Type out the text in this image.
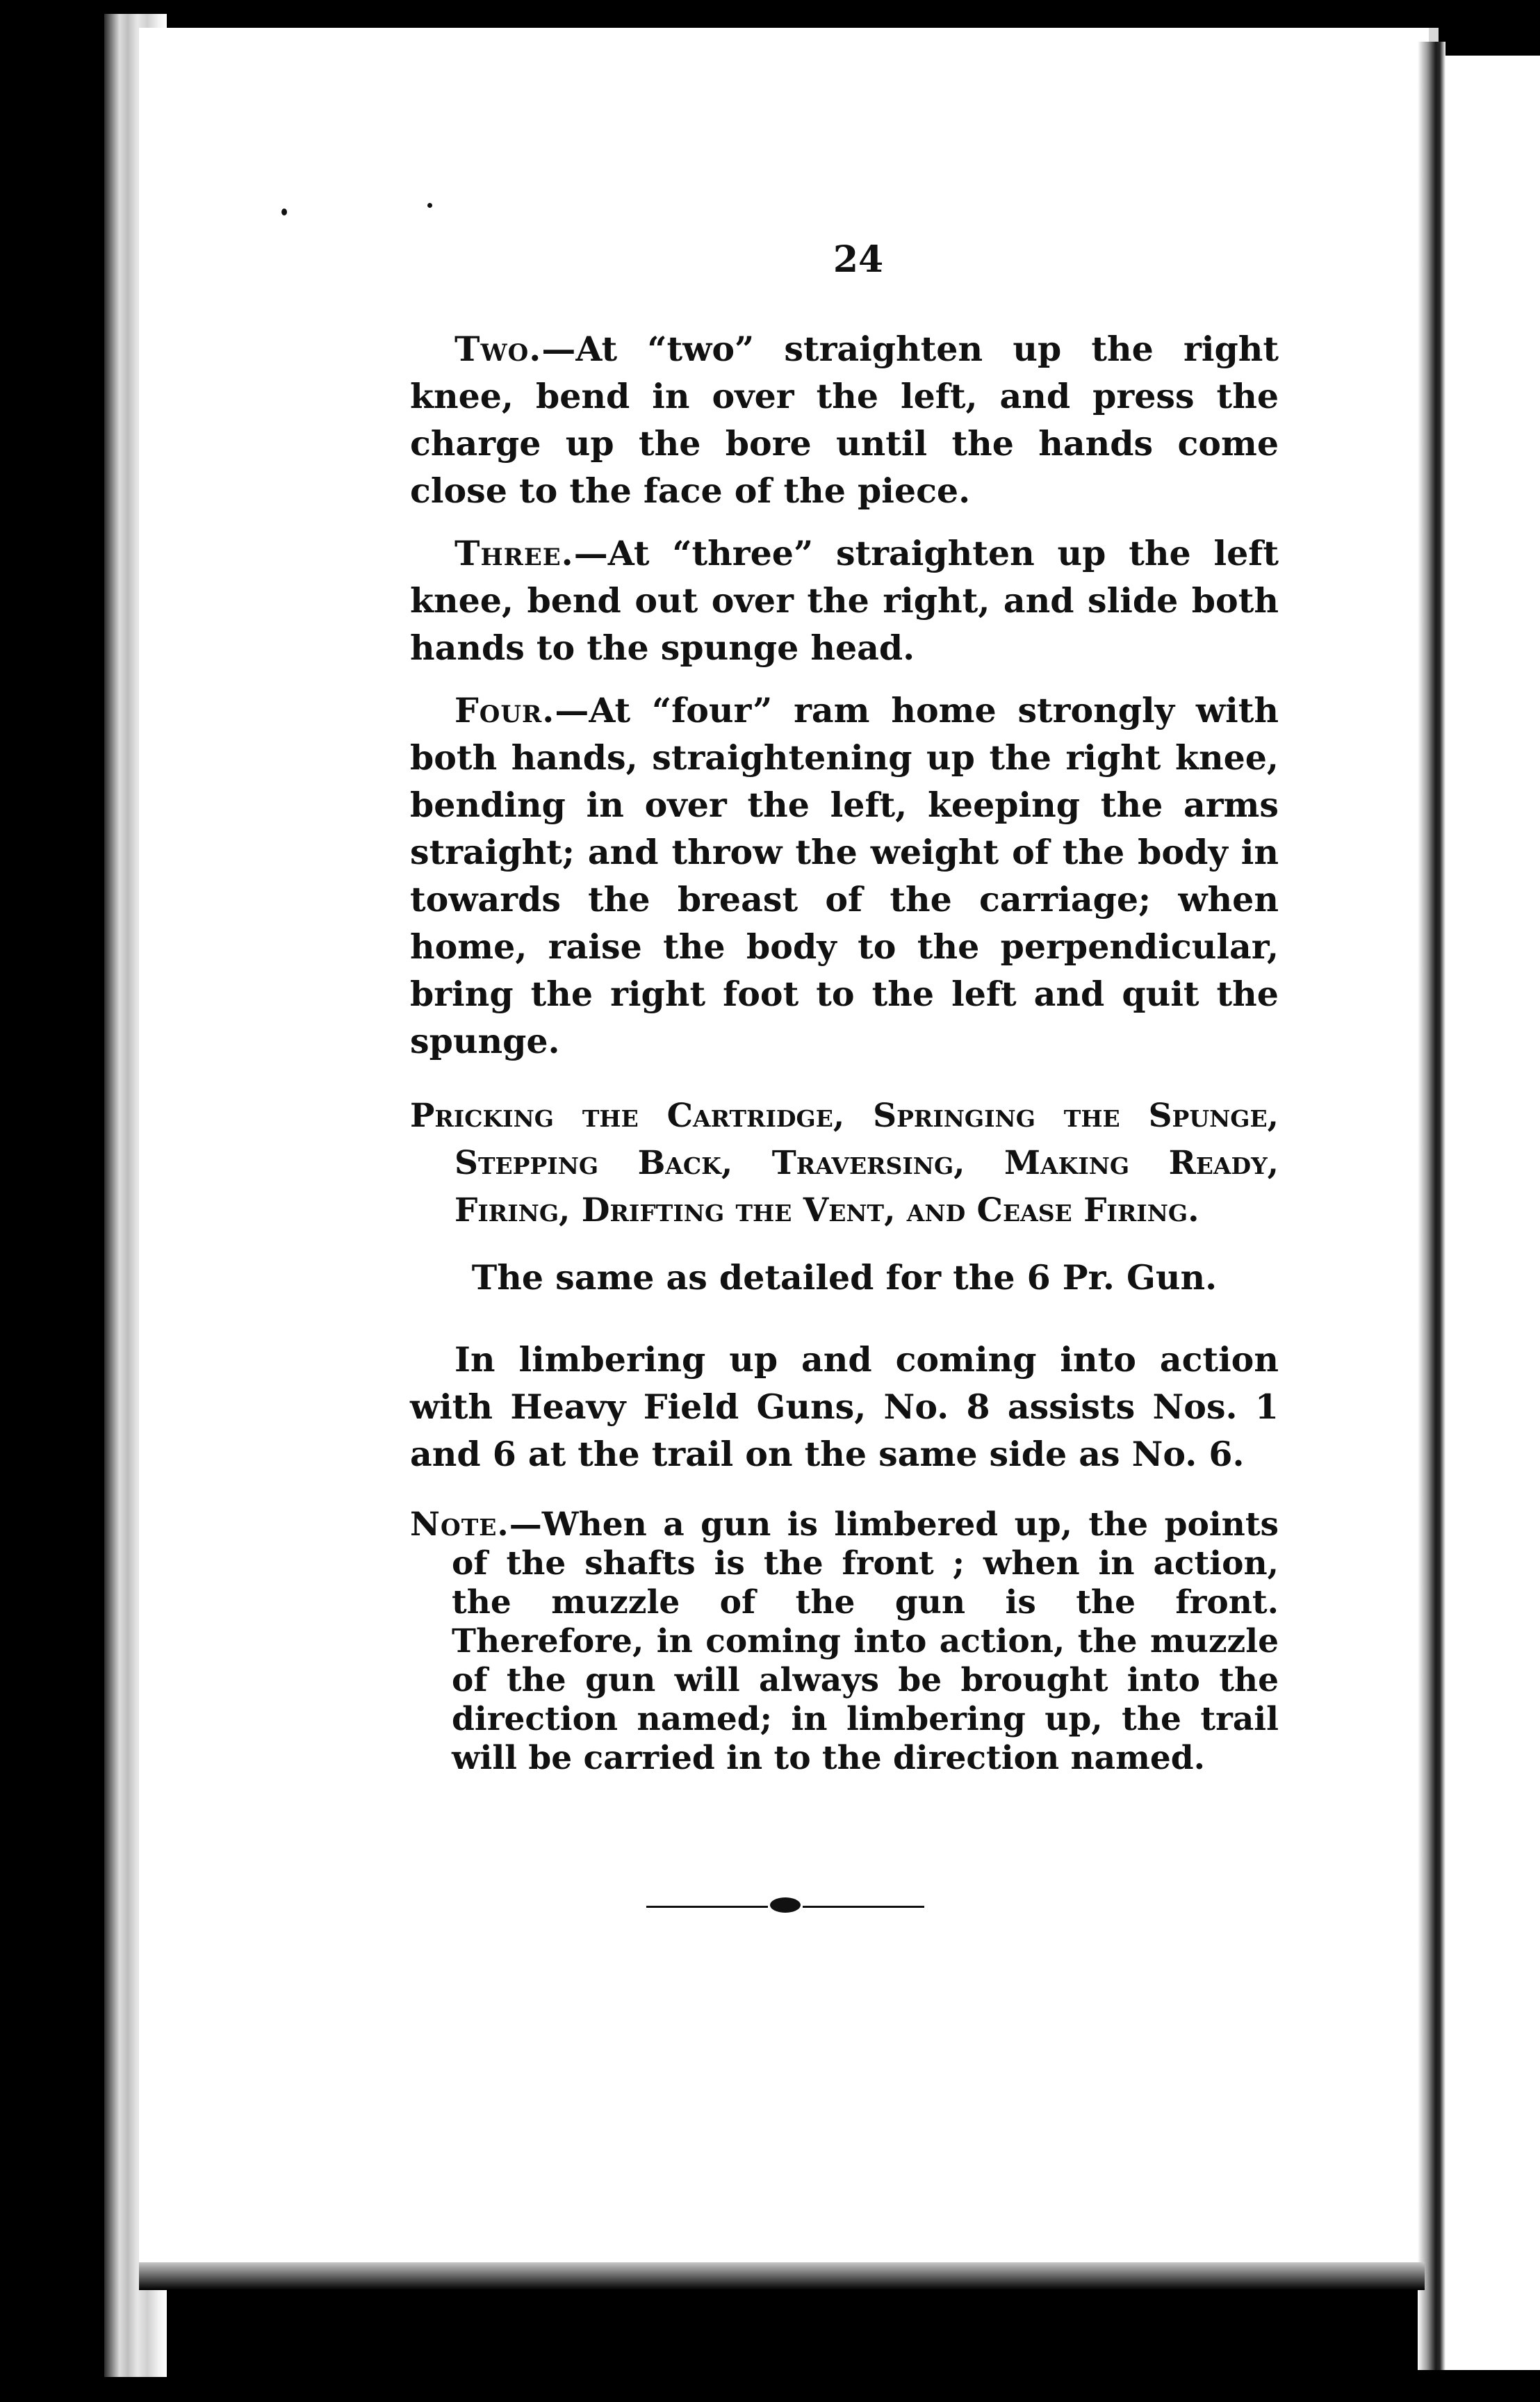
24

Two.—At “two” straighten up the right knee, bend in over the left, and press the charge up the bore until the hands come close to the face of the piece.

Three.—At “three” straighten up the left knee, bend out over the right, and slide both hands to the spunge head.

Four.—At “four” ram home strongly with both hands, straightening up the right knee, bending in over the left, keeping the arms straight; and throw the weight of the body in towards the breast of the carriage; when home, raise the body to the perpendicular, bring the right foot to the left and quit the spunge.

Pricking the Cartridge, Springing the Spunge, Stepping Back, Traversing, Making Ready, Firing, Drifting the Vent, and Cease Firing.

The same as detailed for the 6 Pr. Gun.

In limbering up and coming into action with Heavy Field Guns, No. 8 assists Nos. 1 and 6 at the trail on the same side as No. 6.

Note.—When a gun is limbered up, the points of the shafts is the front ; when in action, the muzzle of the gun is the front. Therefore, in coming into action, the muzzle of the gun will always be brought into the direction named; in limbering up, the trail will be carried in to the direction named.
